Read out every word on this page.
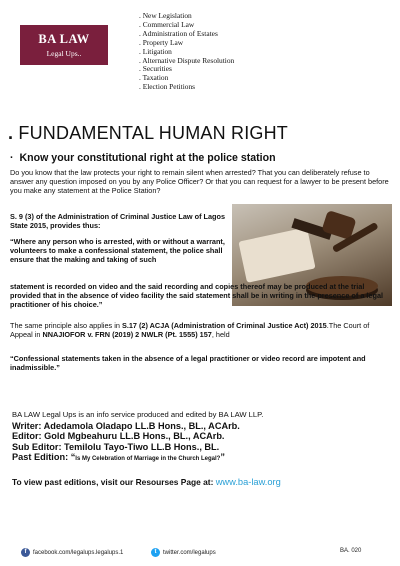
BA LAW
Legal Ups..
. New Legislation
. Commercial Law
. Administration of Estates
. Property Law
. Litigation
. Alternative Dispute Resolution
. Securities
. Taxation
. Election Petitions
. FUNDAMENTAL HUMAN RIGHT
· Know your constitutional right at the police station

Do you know that the law protects your right to remain silent when arrested? That you can deliberately refuse to answer any question imposed on you by any Police Officer? Or that you can request for a lawyer to be present before you make any statement at the Police Station?

S. 9 (3) of the Administration of Criminal Justice Law of Lagos State 2015, provides thus:

“Where any person who is arrested, with or without a warrant, volunteers to make a confessional statement, the police shall ensure that the making and taking of such

statement is recorded on video and the said recording and copies thereof may be produced at the trial provided that in the absence of video facility the said statement shall be in writing in the presence of a legal practitioner of his choice.”

The same principle also applies in S.17 (2) ACJA (Administration of Criminal Justice Act) 2015.The Court of Appeal in NNAJIOFOR v. FRN (2019) 2 NWLR (Pt. 1555) 157, held

“Confessional statements taken in the absence of a legal practitioner or video record are impotent and inadmissible.”

BA LAW Legal Ups is an info service produced and edited by BA LAW LLP.
Writer: Adedamola Oladapo LL.B Hons., BL., ACArb.
Editor: Gold Mgbeahuru LL.B Hons., BL., ACArb.
Sub Editor: Temilolu Tayo-Tiwo LL.B Hons., BL.
Past Edition: “Is My Celebration of Marriage in the Church Legal?”
To view past editions, visit our Resourses Page at: www.ba-law.org
f	facebook.com/legalups.legalups.1	t	twitter.com/legalups	BA. 020
